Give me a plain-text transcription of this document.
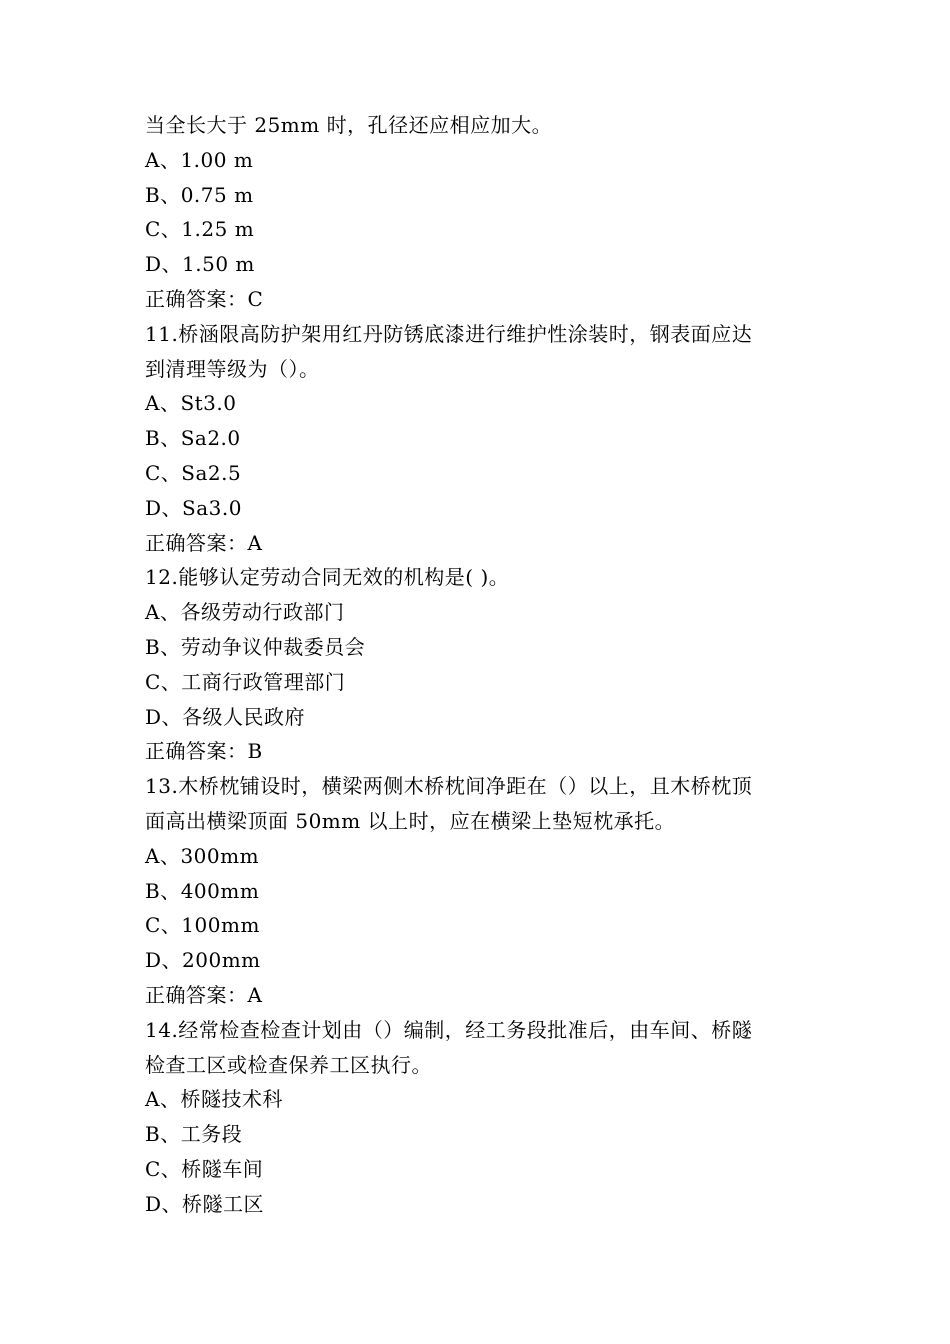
当全长大于 25mm 时，孔径还应相应加大。
A、1.00 m
B、0.75 m
C、1.25 m
D、1.50 m
正确答案：C
11.桥涵限高防护架用红丹防锈底漆进行维护性涂装时，钢表面应达
到清理等级为（）。
A、St3.0
B、Sa2.0
C、Sa2.5
D、Sa3.0
正确答案：A
12.能够认定劳动合同无效的机构是( )。
A、各级劳动行政部门
B、劳动争议仲裁委员会
C、工商行政管理部门
D、各级人民政府
正确答案：B
13.木桥枕铺设时，横梁两侧木桥枕间净距在（）以上，且木桥枕顶
面高出横梁顶面 50mm 以上时，应在横梁上垫短枕承托。
A、300mm
B、400mm
C、100mm
D、200mm
正确答案：A
14.经常检查检查计划由（）编制，经工务段批准后，由车间、桥隧
检查工区或检查保养工区执行。
A、桥隧技术科
B、工务段
C、桥隧车间
D、桥隧工区
